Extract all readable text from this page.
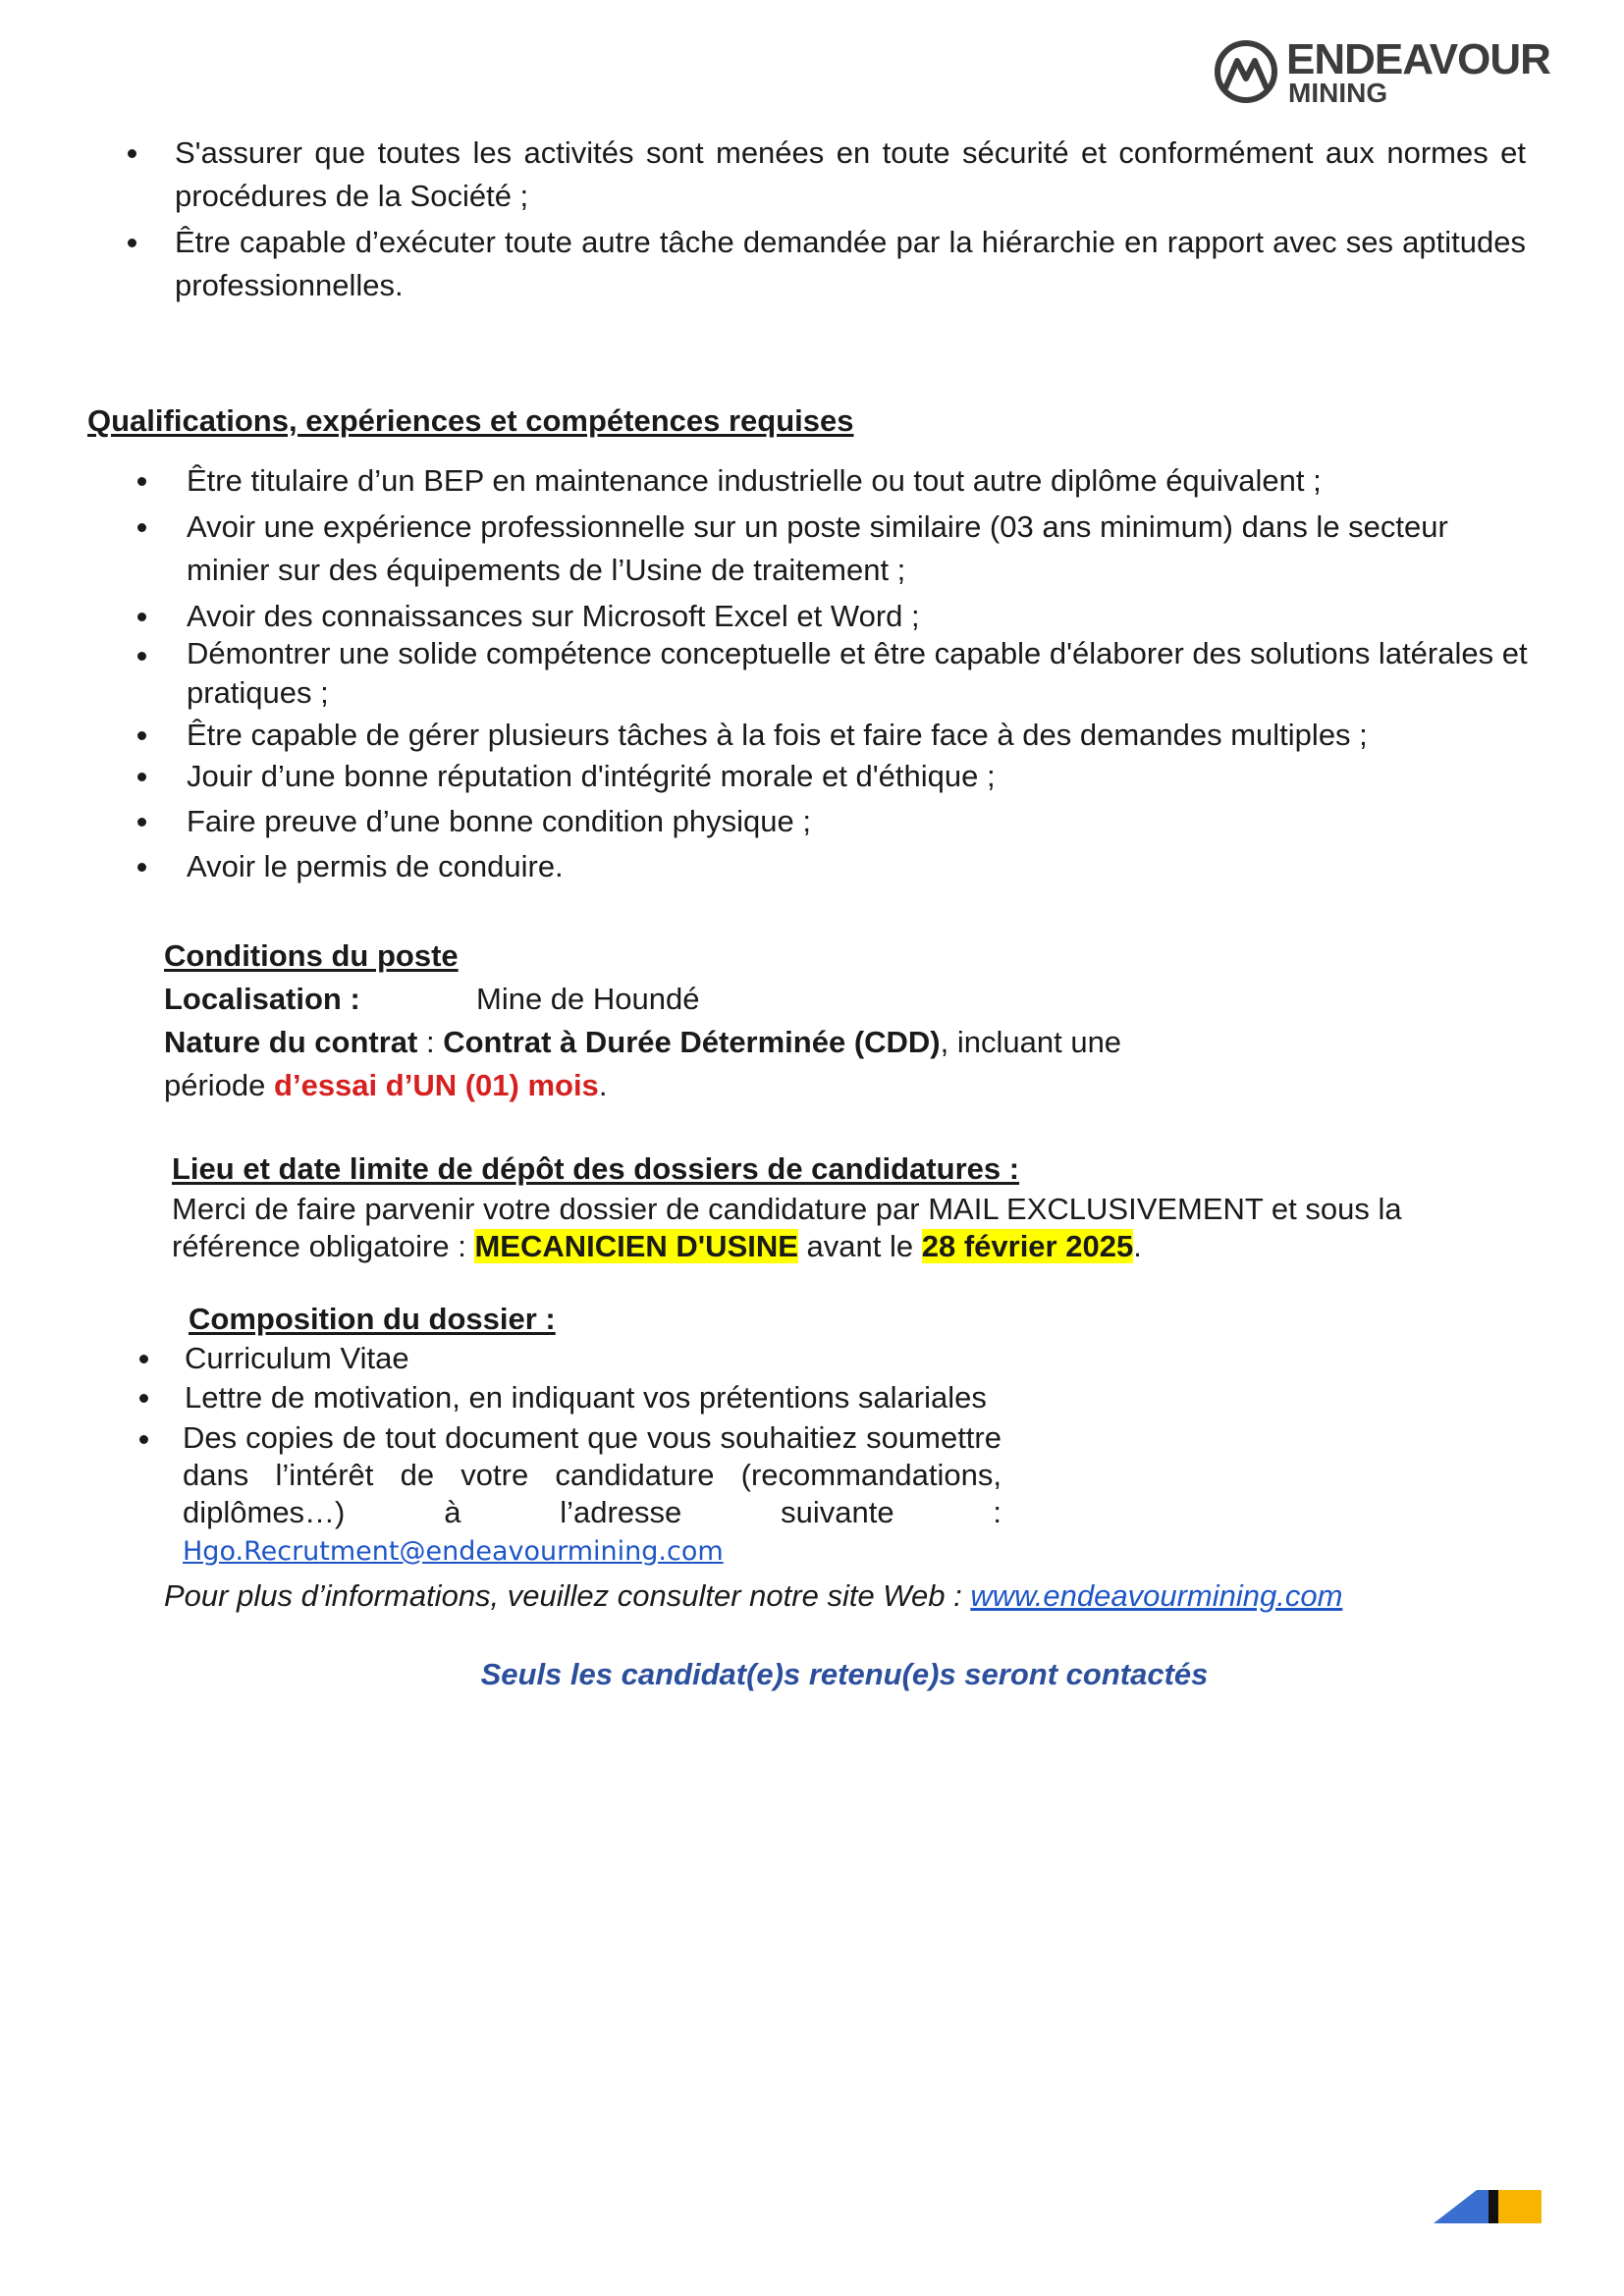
ENDEAVOUR
MINING
S'assurer que toutes les activités sont menées en toute sécurité et conformément aux normes et procédures de la Société ;
Être capable d’exécuter toute autre tâche demandée par la hiérarchie en rapport avec ses aptitudes professionnelles.
Qualifications, expériences et compétences requises
Être titulaire d’un BEP en maintenance industrielle ou tout autre diplôme équivalent ;
Avoir une expérience professionnelle sur un poste similaire (03 ans minimum) dans le secteur minier sur des équipements de l’Usine de traitement ;
Avoir des connaissances sur Microsoft Excel et Word ;
Démontrer une solide compétence conceptuelle et être capable d'élaborer des solutions latérales et pratiques ;
Être capable de gérer plusieurs tâches à la fois et faire face à des demandes multiples ;
Jouir d’une bonne réputation d'intégrité morale et d'éthique ;
Faire preuve d’une bonne condition physique ;
Avoir le permis de conduire.
Conditions du poste
Localisation :	Mine de Houndé
Nature du contrat : Contrat à Durée Déterminée (CDD), incluant une
période d’essai d’UN (01) mois.
Lieu et date limite de dépôt des dossiers de candidatures :
Merci de faire parvenir votre dossier de candidature par MAIL EXCLUSIVEMENT et sous la
référence obligatoire : MECANICIEN D'USINE avant le 28 février 2025.
Composition du dossier :
Curriculum Vitae
Lettre de motivation, en indiquant vos prétentions salariales
Des copies de tout document que vous souhaitiez soumettre dans l’intérêt de votre candidature (recommandations, diplômes…) à l’adresse suivante : Hgo.Recrutment@endeavourmining.com
Pour plus d’informations, veuillez consulter notre site Web : www.endeavourmining.com
Seuls les candidat(e)s retenu(e)s seront contactés
